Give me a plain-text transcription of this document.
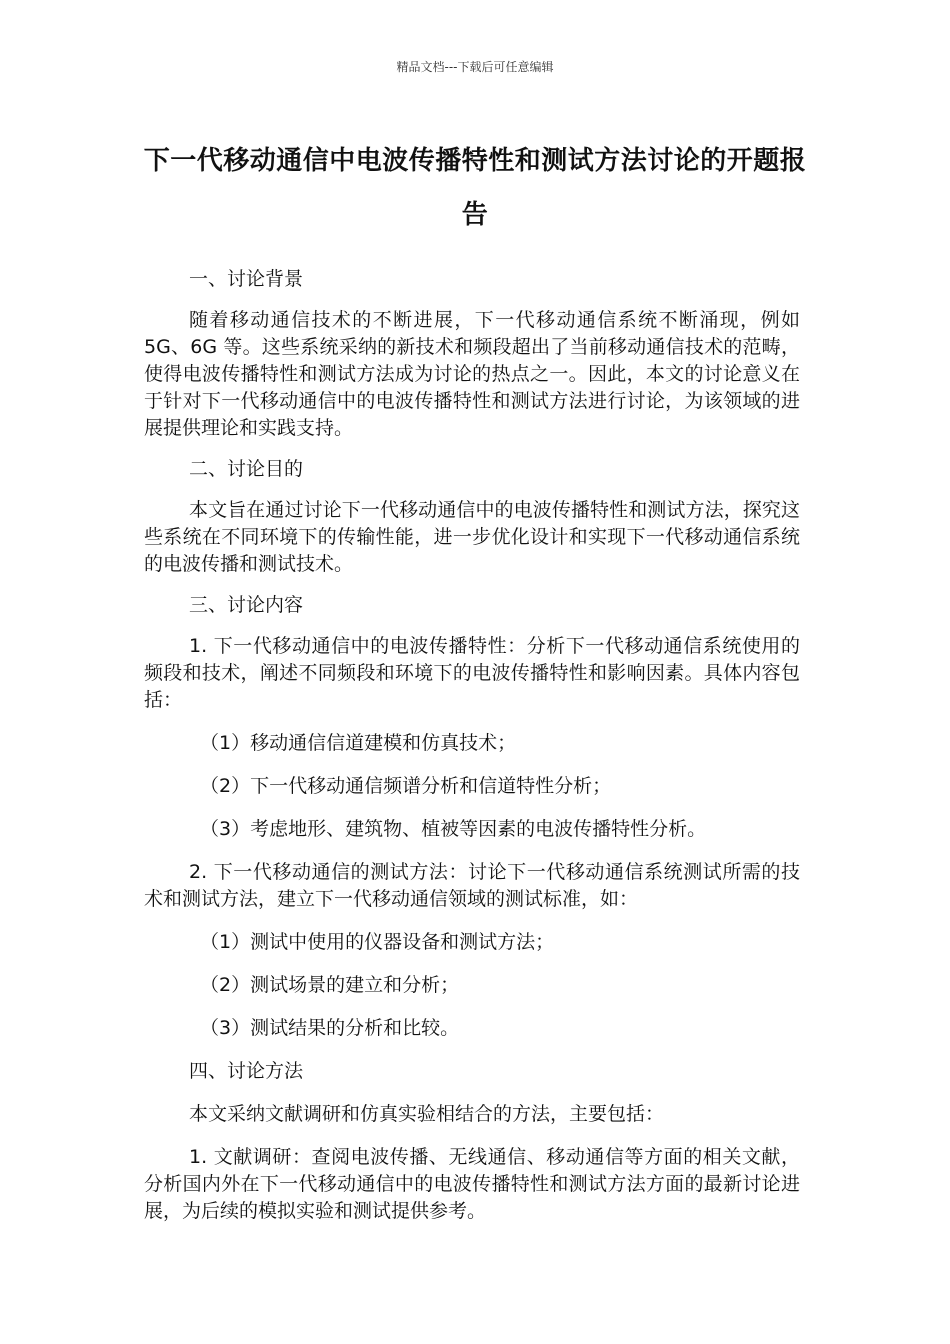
精品文档---下载后可任意编辑
下一代移动通信中电波传播特性和测试方法讨论的开题报告

一、讨论背景

随着移动通信技术的不断进展，下一代移动通信系统不断涌现，例如 5G、6G 等。这些系统采纳的新技术和频段超出了当前移动通信技术的范畴，使得电波传播特性和测试方法成为讨论的热点之一。因此，本文的讨论意义在于针对下一代移动通信中的电波传播特性和测试方法进行讨论，为该领域的进展提供理论和实践支持。

二、讨论目的

本文旨在通过讨论下一代移动通信中的电波传播特性和测试方法，探究这些系统在不同环境下的传输性能，进一步优化设计和实现下一代移动通信系统的电波传播和测试技术。

三、讨论内容

1. 下一代移动通信中的电波传播特性：分析下一代移动通信系统使用的频段和技术，阐述不同频段和环境下的电波传播特性和影响因素。具体内容包括：

（1）移动通信信道建模和仿真技术；

（2）下一代移动通信频谱分析和信道特性分析；

（3）考虑地形、建筑物、植被等因素的电波传播特性分析。

2. 下一代移动通信的测试方法：讨论下一代移动通信系统测试所需的技术和测试方法，建立下一代移动通信领域的测试标准，如：

（1）测试中使用的仪器设备和测试方法；

（2）测试场景的建立和分析；

（3）测试结果的分析和比较。

四、讨论方法

本文采纳文献调研和仿真实验相结合的方法，主要包括：

1. 文献调研：查阅电波传播、无线通信、移动通信等方面的相关文献，分析国内外在下一代移动通信中的电波传播特性和测试方法方面的最新讨论进展，为后续的模拟实验和测试提供参考。
